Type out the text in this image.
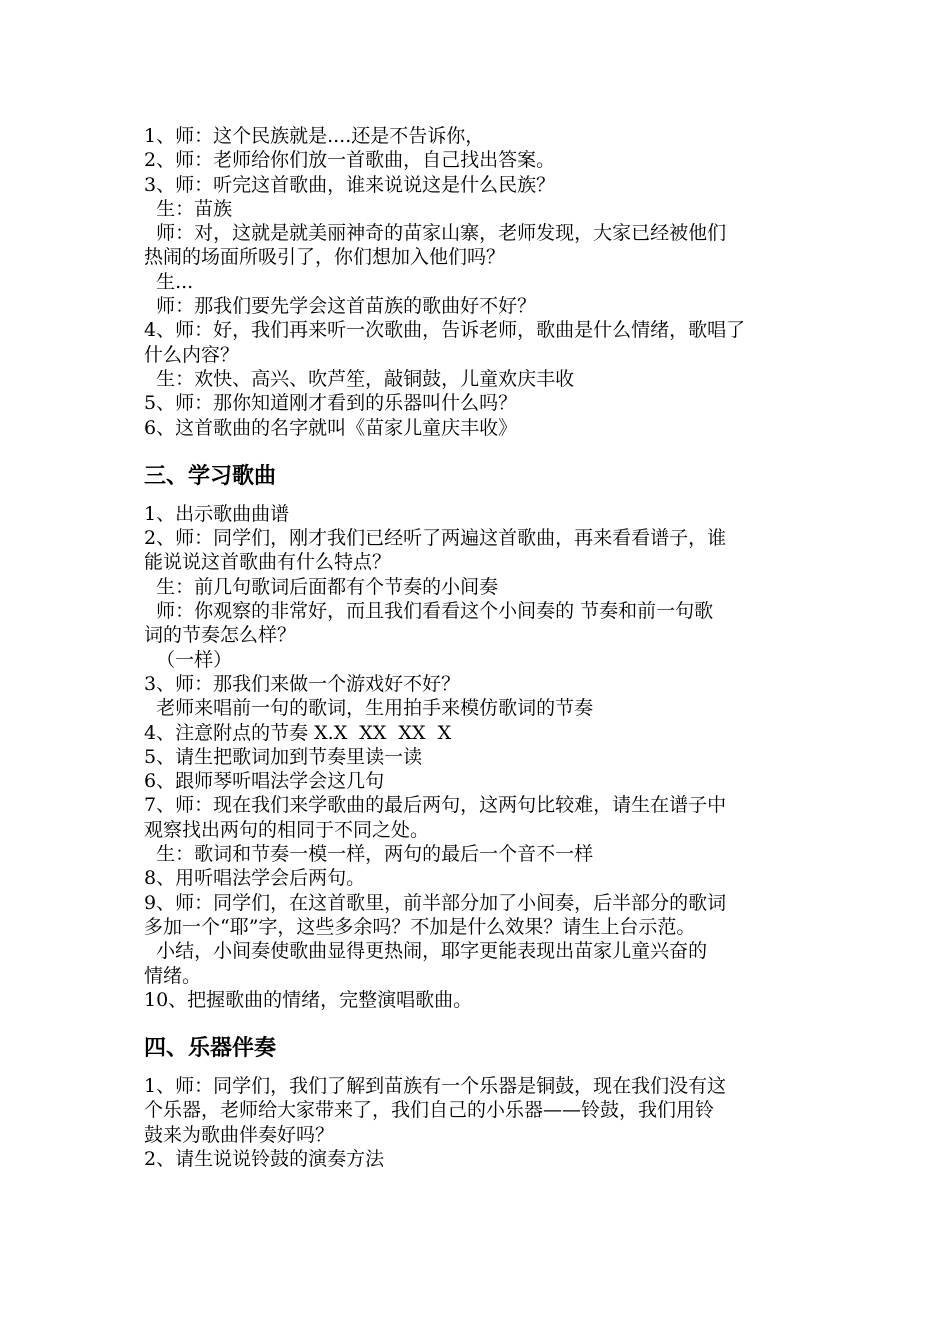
1、师：这个民族就是....还是不告诉你，

2、师：老师给你们放一首歌曲，自己找出答案。

3、师：听完这首歌曲，谁来说说这是什么民族？

生：苗族

师：对，这就是就美丽神奇的苗家山寨，老师发现，大家已经被他们

热闹的场面所吸引了，你们想加入他们吗？

生...

师：那我们要先学会这首苗族的歌曲好不好？

4、师：好，我们再来听一次歌曲，告诉老师，歌曲是什么情绪，歌唱了

什么内容？

生：欢快、高兴、吹芦笙，敲铜鼓，儿童欢庆丰收

5、师：那你知道刚才看到的乐器叫什么吗？

6、这首歌曲的名字就叫《苗家儿童庆丰收》

三、学习歌曲

1、出示歌曲曲谱

2、师：同学们，刚才我们已经听了两遍这首歌曲，再来看看谱子，谁

能说说这首歌曲有什么特点？

生：前几句歌词后面都有个节奏的小间奏

师：你观察的非常好，而且我们看看这个小间奏的 节奏和前一句歌

词的节奏怎么样？

（一样）

3、师：那我们来做一个游戏好不好？

老师来唱前一句的歌词，生用拍手来模仿歌词的节奏

4、注意附点的节奏 X.X  XX  XX  X

5、请生把歌词加到节奏里读一读

6、跟师琴听唱法学会这几句

7、师：现在我们来学歌曲的最后两句，这两句比较难，请生在谱子中

观察找出两句的相同于不同之处。

生：歌词和节奏一模一样，两句的最后一个音不一样

8、用听唱法学会后两句。

9、师：同学们，在这首歌里，前半部分加了小间奏，后半部分的歌词

多加一个“耶”字，这些多余吗？不加是什么效果？请生上台示范。

小结，小间奏使歌曲显得更热闹，耶字更能表现出苗家儿童兴奋的

情绪。

10、把握歌曲的情绪，完整演唱歌曲。

四、乐器伴奏

1、师：同学们，我们了解到苗族有一个乐器是铜鼓，现在我们没有这

个乐器，老师给大家带来了，我们自己的小乐器——铃鼓，我们用铃

鼓来为歌曲伴奏好吗？

2、请生说说铃鼓的演奏方法
